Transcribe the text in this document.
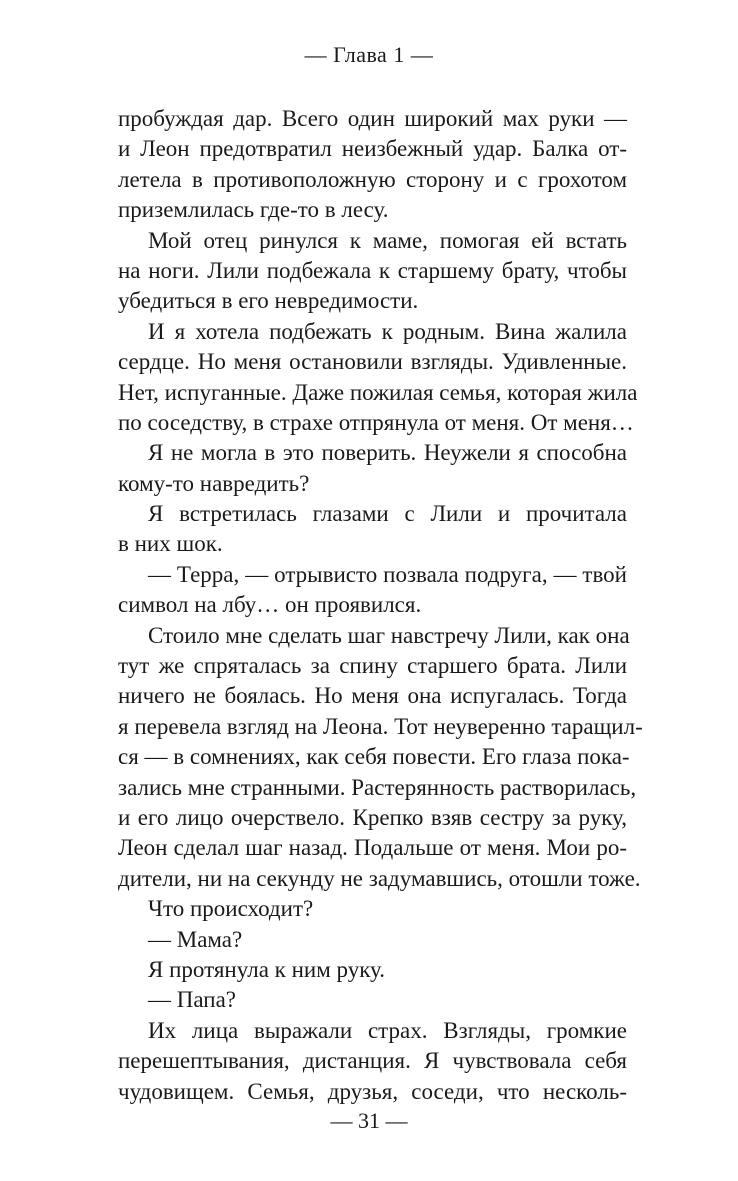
— Глава 1 —
пробуждая дар. Всего один широкий мах руки —
и Леон предотвратил неизбежный удар. Балка от-
летела в противоположную сторону и с грохотом
приземлилась где-то в лесу.
Мой отец ринулся к маме, помогая ей встать
на ноги. Лили подбежала к старшему брату, чтобы
убедиться в его невредимости.
И я хотела подбежать к родным. Вина жалила
сердце. Но меня остановили взгляды. Удивленные.
Нет, испуганные. Даже пожилая семья, которая жила
по соседству, в страхе отпрянула от меня. От меня…
Я не могла в это поверить. Неужели я способна
кому-то навредить?
Я встретилась глазами с Лили и прочитала
в них шок.
— Терра, — отрывисто позвала подруга, — твой
символ на лбу… он проявился.
Стоило мне сделать шаг навстречу Лили, как она
тут же спряталась за спину старшего брата. Лили
ничего не боялась. Но меня она испугалась. Тогда
я перевела взгляд на Леона. Тот неуверенно таращил-
ся — в сомнениях, как себя повести. Его глаза пока-
зались мне странными. Растерянность растворилась,
и его лицо очерствело. Крепко взяв сестру за руку,
Леон сделал шаг назад. Подальше от меня. Мои ро-
дители, ни на секунду не задумавшись, отошли тоже.
Что происходит?
— Мама?
Я протянула к ним руку.
— Папа?
Их лица выражали страх. Взгляды, громкие
перешептывания, дистанция. Я чувствовала себя
чудовищем. Семья, друзья, соседи, что несколь-
— 31 —
